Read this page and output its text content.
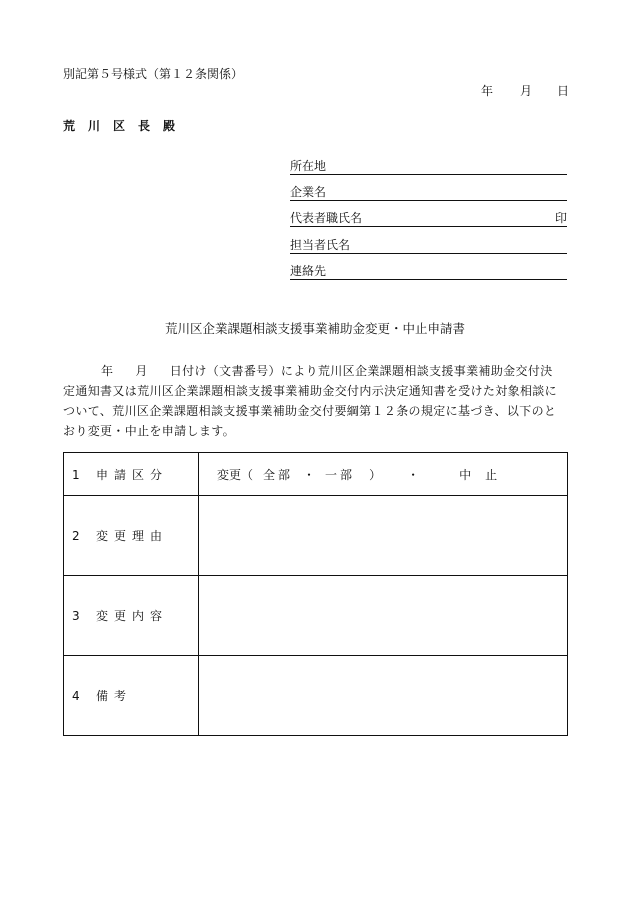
別記第５号様式（第１２条関係）
年 月 日
荒川区長殿
所在地
企業名
代表者職氏名	印
担当者氏名
連絡先
荒川区企業課題相談支援事業補助金変更・中止申請書
年 月 日付け（文書番号）により荒川区企業課題相談支援事業補助金交付決
定通知書又は荒川区企業課題相談支援事業補助金交付内示決定通知書を受けた対象相談に
ついて、荒川区企業課題相談支援事業補助金交付要綱第１２条の規定に基づき、以下のと
おり変更・中止を申請します。
1 申請区分	変更（ 全部 ・ 一部 ） ・ 中止

2 変更理由	
3 変更内容	
4 備考	
